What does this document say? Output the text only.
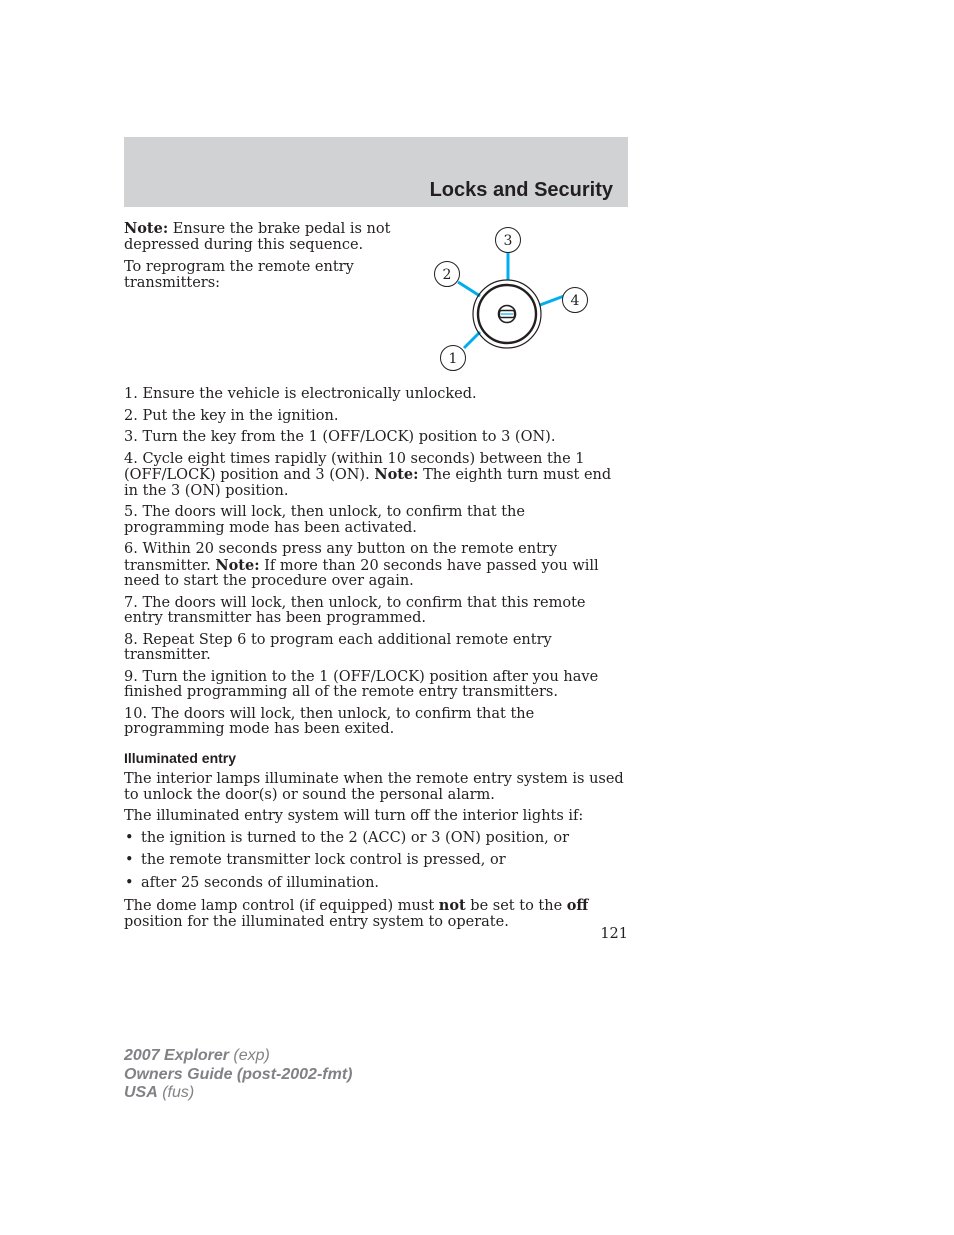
Locks and Security

Note: Ensure the brake pedal is not depressed during this sequence.

To reprogram the remote entry transmitters:

3
2
4
1

1. Ensure the vehicle is electronically unlocked.

2. Put the key in the ignition.

3. Turn the key from the 1 (OFF/LOCK) position to 3 (ON).

4. Cycle eight times rapidly (within 10 seconds) between the 1 (OFF/LOCK) position and 3 (ON). Note: The eighth turn must end in the 3 (ON) position.

5. The doors will lock, then unlock, to confirm that the programming mode has been activated.

6. Within 20 seconds press any button on the remote entry transmitter. Note: If more than 20 seconds have passed you will need to start the procedure over again.

7. The doors will lock, then unlock, to confirm that this remote entry transmitter has been programmed.

8. Repeat Step 6 to program each additional remote entry transmitter.

9. Turn the ignition to the 1 (OFF/LOCK) position after you have finished programming all of the remote entry transmitters.

10. The doors will lock, then unlock, to confirm that the programming mode has been exited.

Illuminated entry

The interior lamps illuminate when the remote entry system is used to unlock the door(s) or sound the personal alarm.

The illuminated entry system will turn off the interior lights if:

• the ignition is turned to the 2 (ACC) or 3 (ON) position, or
• the remote transmitter lock control is pressed, or
• after 25 seconds of illumination.

The dome lamp control (if equipped) must not be set to the off position for the illuminated entry system to operate.

121
2007 Explorer (exp)
Owners Guide (post-2002-fmt)
USA (fus)
